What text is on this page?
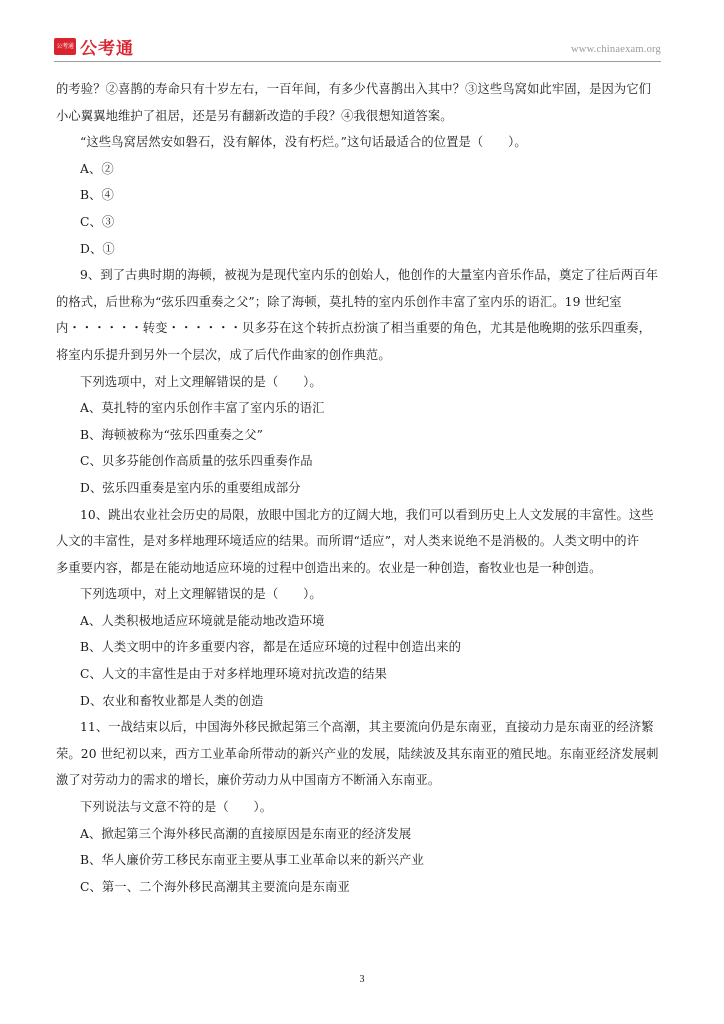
公考通 公考通	www.chinaexam.org

的考验？②喜鹊的寿命只有十岁左右，一百年间，有多少代喜鹊出入其中？③这些鸟窝如此牢固，是因为它们

小心翼翼地维护了祖居，还是另有翻新改造的手段？④我很想知道答案。

“这些鸟窝居然安如磐石，没有解体，没有朽烂。”这句话最适合的位置是（　　）。

A、②

B、④

C、③

D、①

9、到了古典时期的海顿，被视为是现代室内乐的创始人，他创作的大量室内音乐作品，奠定了往后两百年

的格式，后世称为“弦乐四重奏之父”；除了海顿，莫扎特的室内乐创作丰富了室内乐的语汇。19 世纪室

内・・・・・・转变・・・・・・贝多芬在这个转折点扮演了相当重要的角色，尤其是他晚期的弦乐四重奏，

将室内乐提升到另外一个层次，成了后代作曲家的创作典范。

下列选项中，对上文理解错误的是（　　）。

A、莫扎特的室内乐创作丰富了室内乐的语汇

B、海顿被称为“弦乐四重奏之父”

C、贝多芬能创作高质量的弦乐四重奏作品

D、弦乐四重奏是室内乐的重要组成部分

10、跳出农业社会历史的局限，放眼中国北方的辽阔大地，我们可以看到历史上人文发展的丰富性。这些

人文的丰富性，是对多样地理环境适应的结果。而所谓“适应”，对人类来说绝不是消极的。人类文明中的许

多重要内容，都是在能动地适应环境的过程中创造出来的。农业是一种创造，畜牧业也是一种创造。

下列选项中，对上文理解错误的是（　　）。

A、人类积极地适应环境就是能动地改造环境

B、人类文明中的许多重要内容，都是在适应环境的过程中创造出来的

C、人文的丰富性是由于对多样地理环境对抗改造的结果

D、农业和畜牧业都是人类的创造

11、一战结束以后，中国海外移民掀起第三个高潮，其主要流向仍是东南亚，直接动力是东南亚的经济繁

荣。20 世纪初以来，西方工业革命所带动的新兴产业的发展，陆续波及其东南亚的殖民地。东南亚经济发展刺

激了对劳动力的需求的增长，廉价劳动力从中国南方不断涌入东南亚。

下列说法与文意不符的是（　　）。

A、掀起第三个海外移民高潮的直接原因是东南亚的经济发展

B、华人廉价劳工移民东南亚主要从事工业革命以来的新兴产业

C、第一、二个海外移民高潮其主要流向是东南亚

3
